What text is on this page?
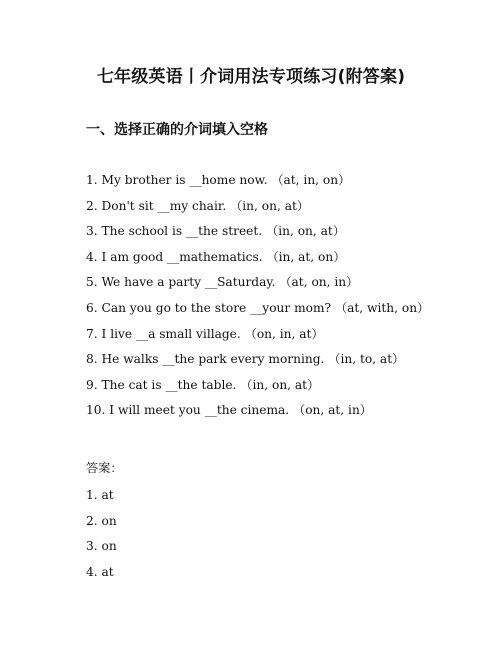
七年级英语丨介词用法专项练习(附答案)
一、选择正确的介词填入空格
1. My brother is __home now. （at, in, on）
2. Don't sit __my chair. （in, on, at）
3. The school is __the street. （in, on, at）
4. I am good __mathematics. （in, at, on）
5. We have a party __Saturday. （at, on, in）
6. Can you go to the store __your mom? （at, with, on）
7. I live __a small village. （on, in, at）
8. He walks __the park every morning. （in, to, at）
9. The cat is __the table. （in, on, at）
10. I will meet you __the cinema. （on, at, in）
答案：
1. at
2. on
3. on
4. at
